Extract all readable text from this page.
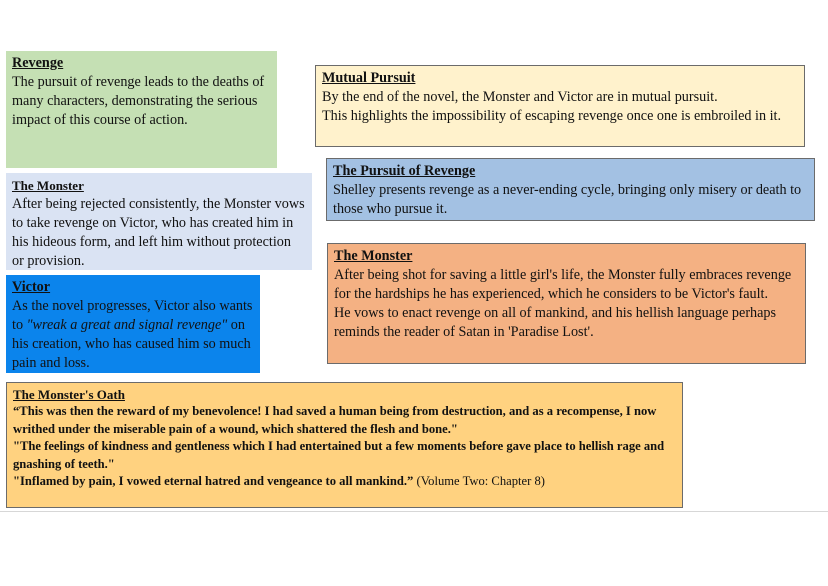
Revenge

The pursuit of revenge leads to the deaths of many characters, demonstrating the serious impact of this course of action.

The Monster

After being rejected consistently, the Monster vows to take revenge on Victor, who has created him in his hideous form, and left him without protection or provision.

Victor

As the novel progresses, Victor also wants to "wreak a great and signal revenge" on his creation, who has caused him so much pain and loss.

Mutual Pursuit

By the end of the novel, the Monster and Victor are in mutual pursuit.

This highlights the impossibility of escaping revenge once one is embroiled in it.

The Pursuit of Revenge

Shelley presents revenge as a never-ending cycle, bringing only misery or death to those who pursue it.

The Monster

After being shot for saving a little girl's life, the Monster fully embraces revenge for the hardships he has experienced, which he considers to be Victor's fault.

He vows to enact revenge on all of mankind, and his hellish language perhaps reminds the reader of Satan in 'Paradise Lost'.

The Monster's Oath

“This was then the reward of my benevolence! I had saved a human being from destruction, and as a recompense, I now writhed under the miserable pain of a wound, which shattered the flesh and bone."

"The feelings of kindness and gentleness which I had entertained but a few moments before gave place to hellish rage and gnashing of teeth."

"Inflamed by pain, I vowed eternal hatred and vengeance to all mankind.” (Volume Two: Chapter 8)
